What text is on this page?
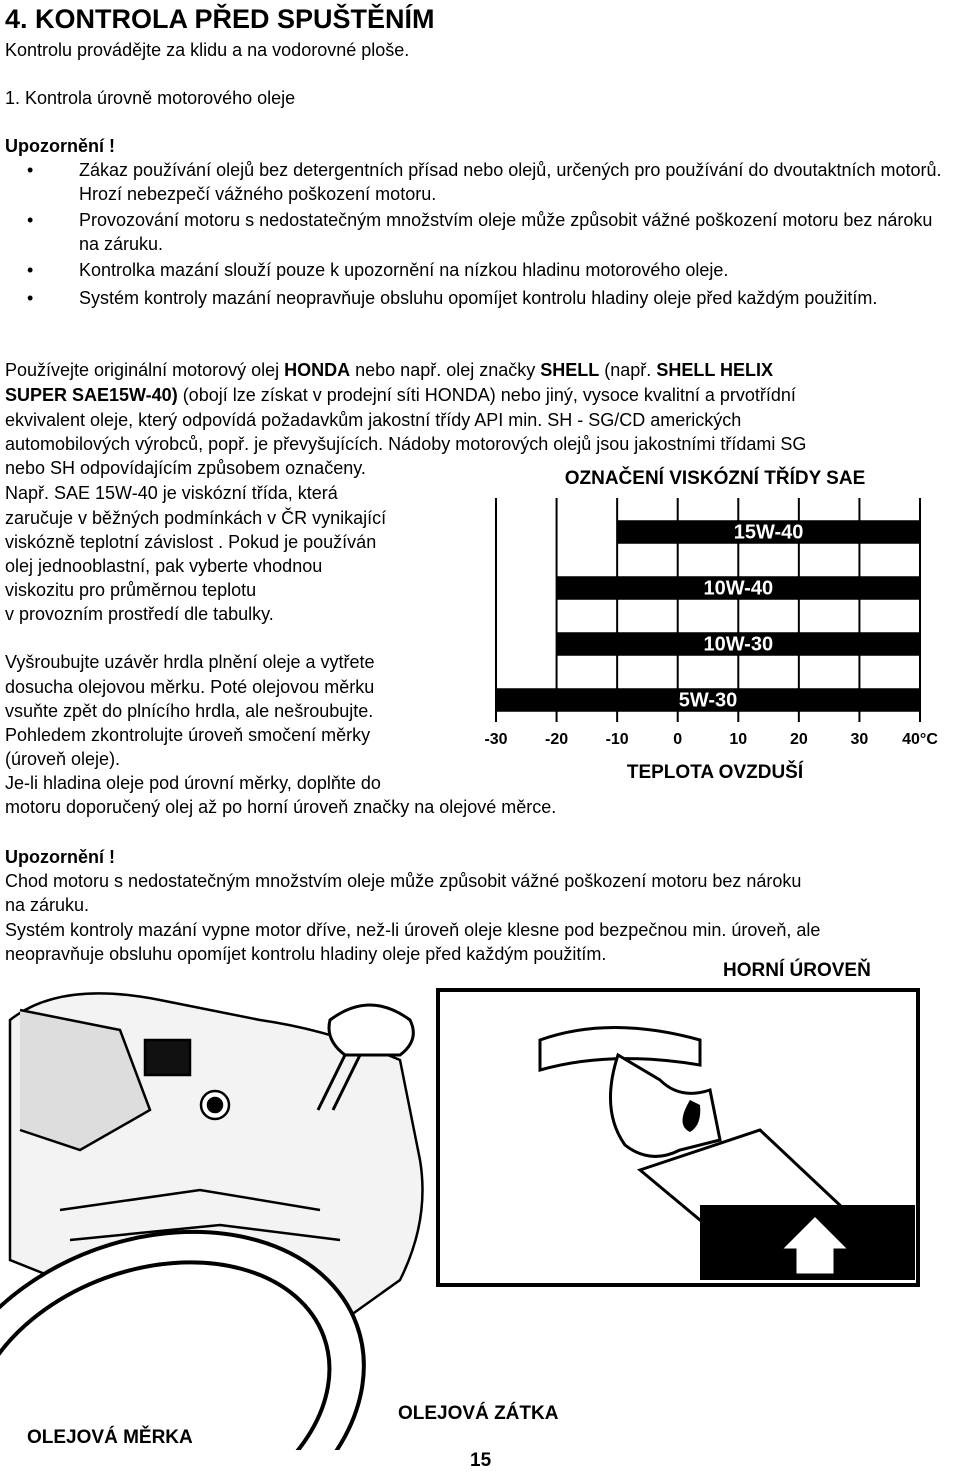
4. KONTROLA PŘED SPUŠTĚNÍM
Kontrolu provádějte za klidu a na vodorovné ploše.
1. Kontrola úrovně motorového oleje
Upozornění !
•	Zákaz používání olejů bez detergentních přísad nebo olejů, určených pro používání do dvoutaktních motorů. Hrozí nebezpečí vážného poškození motoru.
•	Provozování motoru s nedostatečným množstvím oleje může způsobit vážné poškození motoru bez nároku na záruku.
•	Kontrolka mazání slouží pouze k upozornění na nízkou hladinu motorového oleje.
•	Systém kontroly mazání neopravňuje obsluhu opomíjet kontrolu hladiny oleje před každým použitím.
Používejte originální motorový olej HONDA nebo např. olej značky SHELL (např. SHELL HELIX
SUPER SAE15W-40) (obojí lze získat v prodejní síti HONDA) nebo jiný, vysoce kvalitní a prvotřídní
ekvivalent oleje, který odpovídá požadavkům jakostní třídy API min. SH - SG/CD amerických
automobilových výrobců, popř. je převyšujících. Nádoby motorových olejů jsou jakostními třídami SG
nebo SH odpovídajícím způsobem označeny.
Např. SAE 15W-40 je viskózní třída, která
zaručuje v běžných podmínkách v ČR vynikající
viskózně teplotní závislost . Pokud je používán
olej jednooblastní, pak vyberte vhodnou
viskozitu pro průměrnou teplotu
v provozním prostředí dle tabulky.
Vyšroubujte uzávěr hrdla plnění oleje a vytřete
dosucha olejovou měrku. Poté olejovou měrku
vsuňte zpět do plnícího hrdla, ale nešroubujte.
Pohledem zkontrolujte úroveň smočení měrky
(úroveň oleje).
Je-li hladina oleje pod úrovní měrky, doplňte do
motoru doporučený olej až po horní úroveň značky na olejové měrce.
Upozornění !
Chod motoru s nedostatečným množstvím oleje může způsobit vážné poškození motoru bez nároku
na záruku.
Systém kontroly mazání vypne motor dříve, než-li úroveň oleje klesne pod bezpečnou min. úroveň, ale
neopravňuje obsluhu opomíjet kontrolu hladiny oleje před každým použitím.
OZNAČENÍ VISKÓZNÍ TŘÍDY SAE
15W-40
10W-40
10W-30
5W-30
-30 -20 -10	0	10	20	30 40°C
TEPLOTA OVZDUŠÍ
HORNÍ ÚROVEŇ
OLEJOVÁ ZÁTKA
OLEJOVÁ MĚRKA
15
